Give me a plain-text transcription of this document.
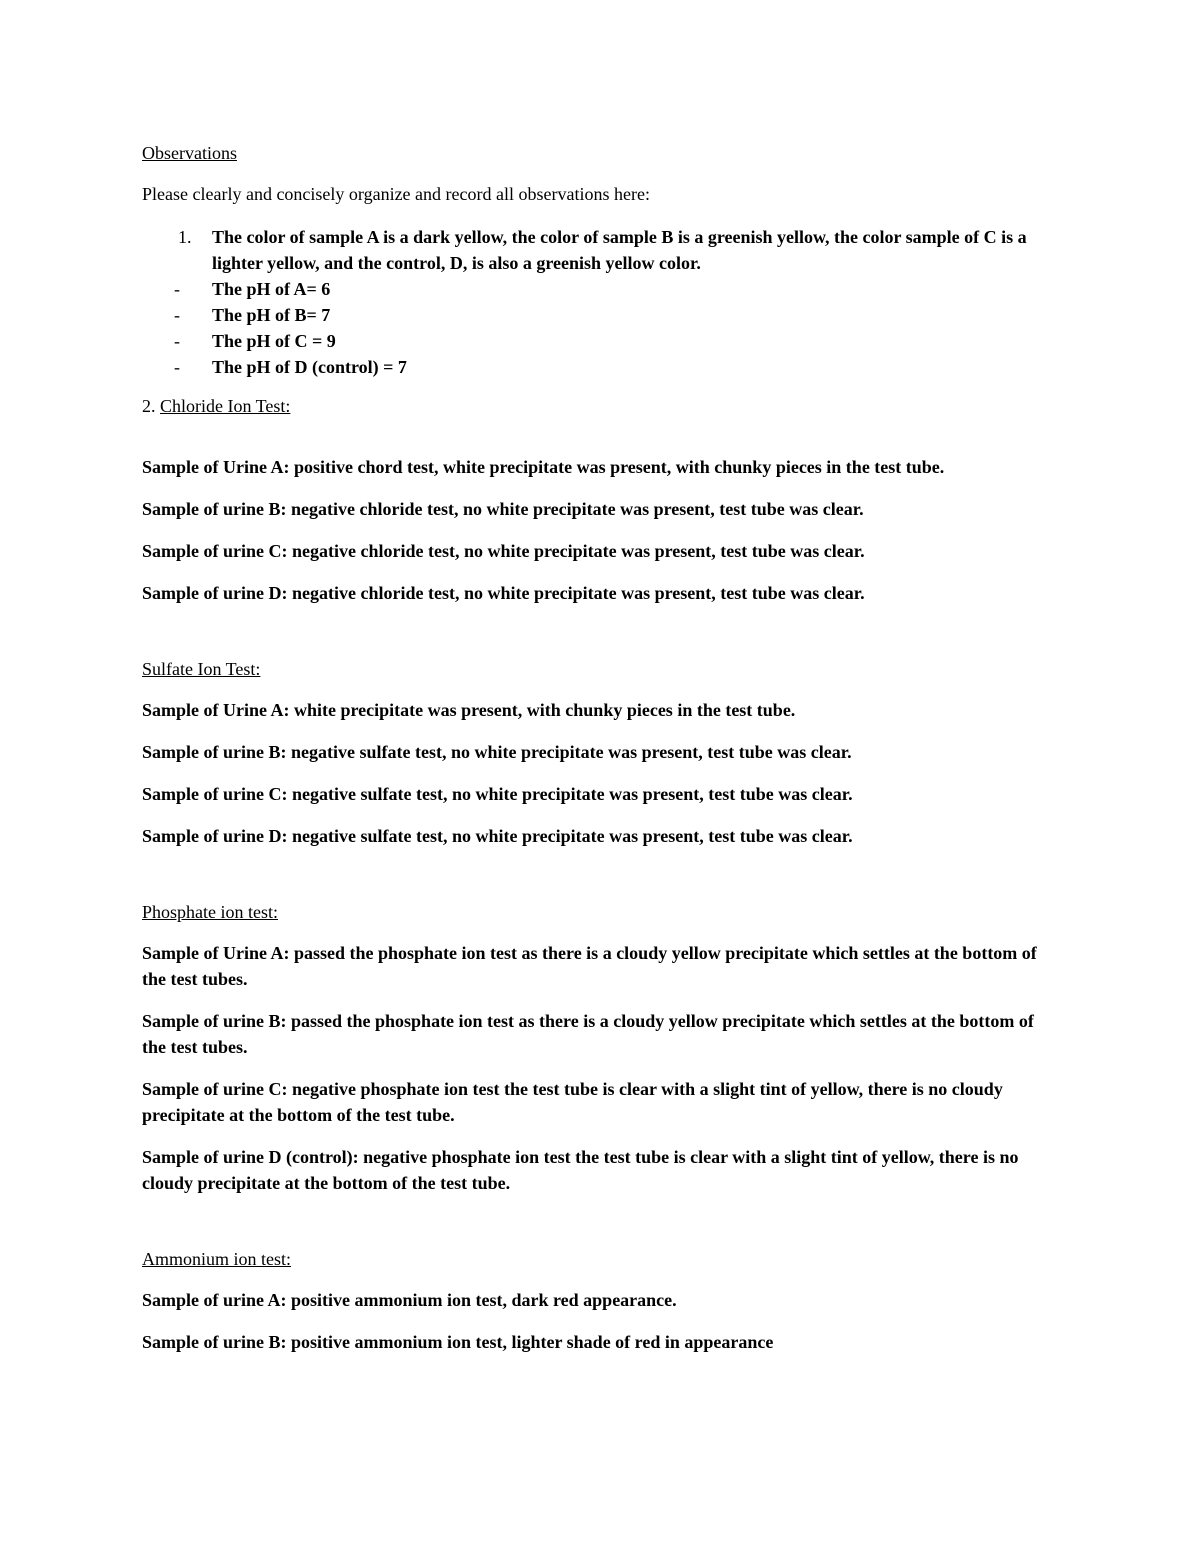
Observations

Please clearly and concisely organize and record all observations here:

1. The color of sample A is a dark yellow, the color of sample B is a greenish yellow, the color sample of C is a lighter yellow, and the control, D, is also a greenish yellow color.
- The pH of A= 6
- The pH of B= 7
- The pH of C = 9
- The pH of D (control) = 7

2. Chloride Ion Test:

Sample of Urine A: positive chord test, white precipitate was present, with chunky pieces in the test tube.

Sample of urine B: negative chloride test, no white precipitate was present, test tube was clear.

Sample of urine C: negative chloride test, no white precipitate was present, test tube was clear.

Sample of urine D: negative chloride test, no white precipitate was present, test tube was clear.

Sulfate Ion Test:

Sample of Urine A: white precipitate was present, with chunky pieces in the test tube.

Sample of urine B: negative sulfate test, no white precipitate was present, test tube was clear.

Sample of urine C: negative sulfate test, no white precipitate was present, test tube was clear.

Sample of urine D: negative sulfate test, no white precipitate was present, test tube was clear.

Phosphate ion test:

Sample of Urine A: passed the phosphate ion test as there is a cloudy yellow precipitate which settles at the bottom of the test tubes.

Sample of urine B: passed the phosphate ion test as there is a cloudy yellow precipitate which settles at the bottom of the test tubes.

Sample of urine C: negative phosphate ion test the test tube is clear with a slight tint of yellow, there is no cloudy precipitate at the bottom of the test tube.

Sample of urine D (control): negative phosphate ion test the test tube is clear with a slight tint of yellow, there is no cloudy precipitate at the bottom of the test tube.

Ammonium ion test:

Sample of urine A: positive ammonium ion test, dark red appearance.

Sample of urine B: positive ammonium ion test, lighter shade of red in appearance
